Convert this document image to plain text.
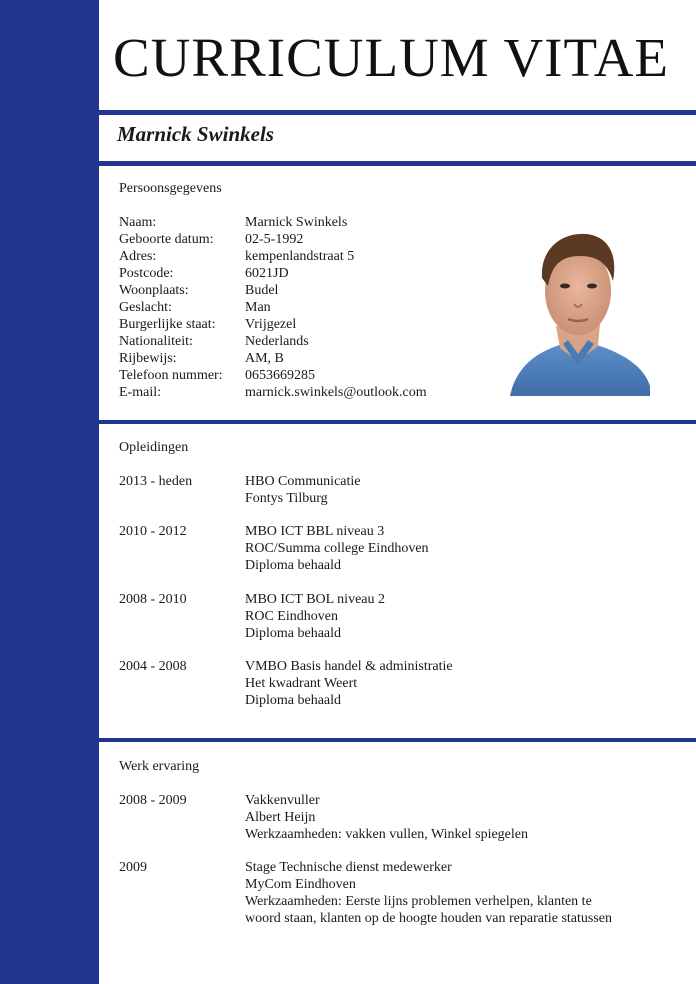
CURRICULUM VITAE
Marnick Swinkels
Persoonsgegevens
Naam:	Marnick Swinkels
Geboorte datum: 02-5-1992
Adres:	kempenlandstraat 5
Postcode:	6021JD
Woonplaats:	Budel
Geslacht:	Man
Burgerlijke staat: Vrijgezel
Nationaliteit:	Nederlands
Rijbewijs:	AM, B
Telefoon nummer: 0653669285
E-mail:	marnick.swinkels@outlook.com
Opleidingen
2013 - heden	HBO Communicatie
Fontys Tilburg
2010 - 2012	MBO ICT BBL niveau 3
ROC/Summa college Eindhoven
Diploma behaald
2008 - 2010	MBO ICT BOL niveau 2
ROC Eindhoven
Diploma behaald
2004 - 2008	VMBO Basis handel & administratie
Het kwadrant Weert
Diploma behaald
Werk ervaring
2008 - 2009	Vakkenvuller
Albert Heijn
Werkzaamheden: vakken vullen, Winkel spiegelen
2009	Stage Technische dienst medewerker
MyCom Eindhoven
Werkzaamheden: Eerste lijns problemen verhelpen, klanten te woord staan, klanten op de hoogte houden van reparatie statussen
